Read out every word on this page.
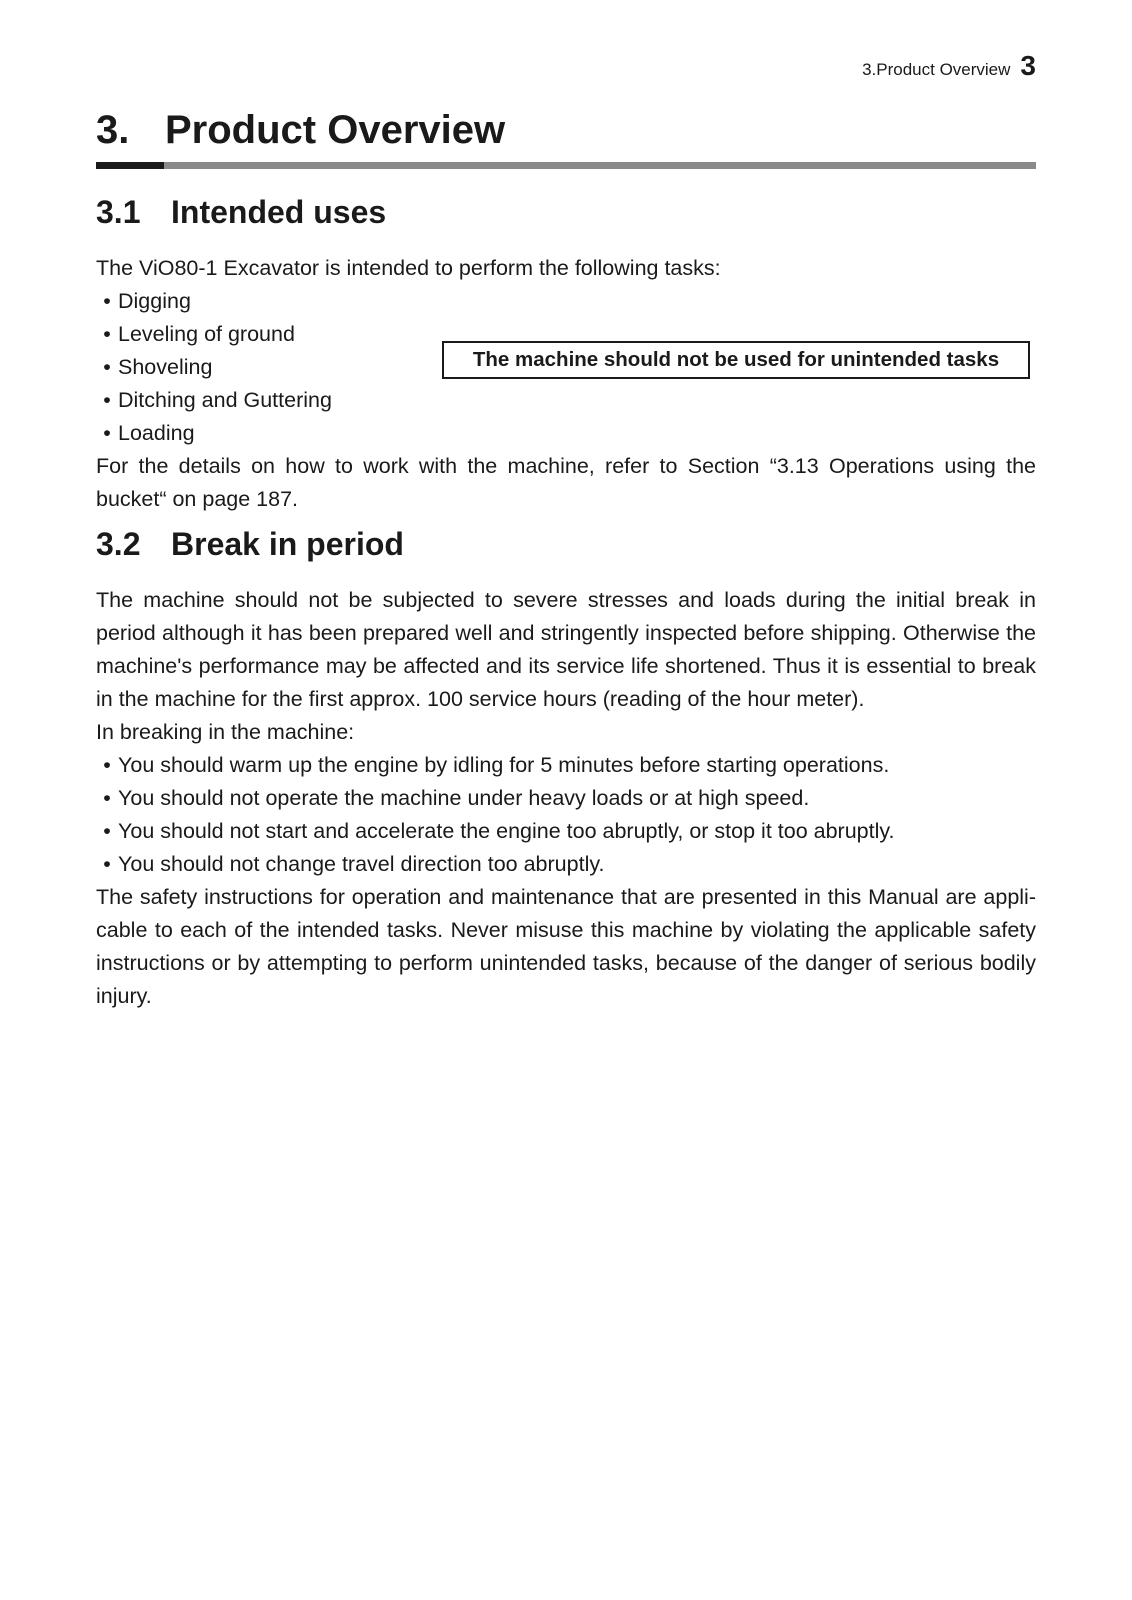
3.Product Overview 3
3. Product Overview
3.1 Intended uses

The ViO80-1 Excavator is intended to perform the following tasks:

• Digging
• Leveling of ground
• Shoveling
• Ditching and Guttering
• Loading
The machine should not be used for unintended tasks

For the details on how to work with the machine, refer to Section “3.13 Operations using the bucket“ on page 187.

3.2 Break in period

The machine should not be subjected to severe stresses and loads during the initial break in period although it has been prepared well and stringently inspected before shipping. Otherwise the machine's performance may be affected and its service life shortened. Thus it is essential to break in the machine for the first approx. 100 service hours (reading of the hour meter).

In breaking in the machine:

• You should warm up the engine by idling for 5 minutes before starting operations.
• You should not operate the machine under heavy loads or at high speed.
• You should not start and accelerate the engine too abruptly, or stop it too abruptly.
• You should not change travel direction too abruptly.

The safety instructions for operation and maintenance that are presented in this Manual are appli-cable to each of the intended tasks. Never misuse this machine by violating the applicable safety instructions or by attempting to perform unintended tasks, because of the danger of serious bodily injury.
